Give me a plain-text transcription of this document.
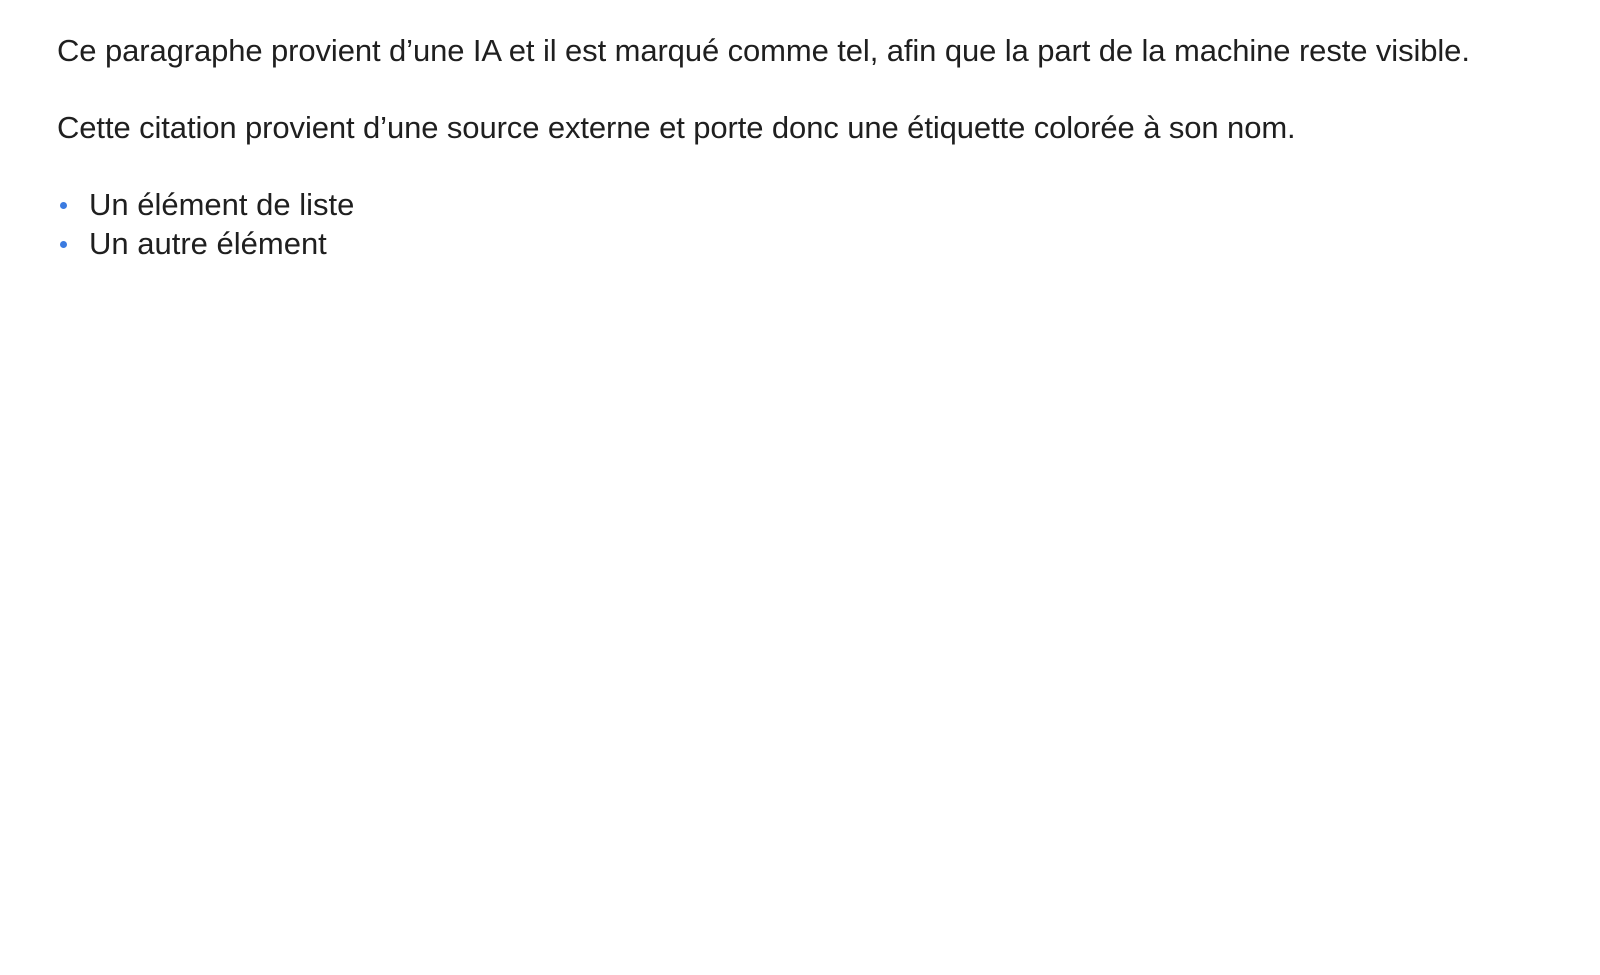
Ce paragraphe provient d’une IA et il est marqué comme tel, afin que la part de la machine reste visible.

Cette citation provient d’une source externe et porte donc une étiquette colorée à son nom.

Un élément de liste
Un autre élément
